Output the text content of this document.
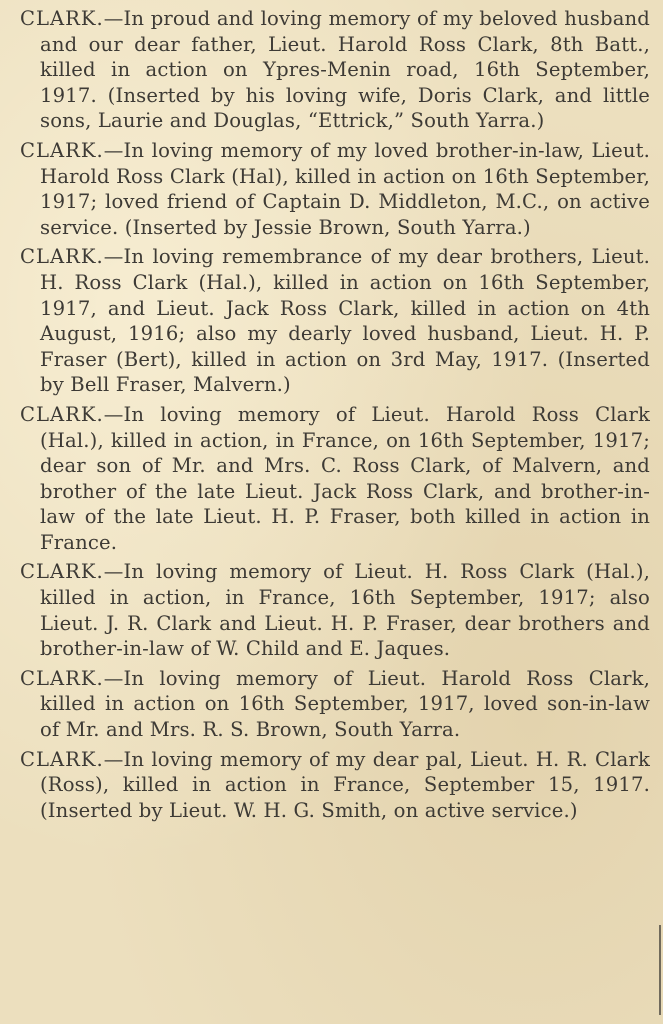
CLARK.—In proud and loving memory of my beloved husband and our dear father, Lieut. Harold Ross Clark, 8th Batt., killed in action on Ypres-Menin road, 16th September, 1917. (Inserted by his loving wife, Doris Clark, and little sons, Laurie and Douglas, “Ettrick,” South Yarra.)

CLARK.—In loving memory of my loved brother-in-law, Lieut. Harold Ross Clark (Hal), killed in action on 16th September, 1917; loved friend of Captain D. Middleton, M.C., on active service. (Inserted by Jessie Brown, South Yarra.)

CLARK.—In loving remembrance of my dear brothers, Lieut. H. Ross Clark (Hal.), killed in action on 16th September, 1917, and Lieut. Jack Ross Clark, killed in action on 4th August, 1916; also my dearly loved husband, Lieut. H. P. Fraser (Bert), killed in action on 3rd May, 1917. (Inserted by Bell Fraser, Malvern.)

CLARK.—In loving memory of Lieut. Harold Ross Clark (Hal.), killed in action, in France, on 16th September, 1917; dear son of Mr. and Mrs. C. Ross Clark, of Malvern, and brother of the late Lieut. Jack Ross Clark, and brother-in-law of the late Lieut. H. P. Fraser, both killed in action in France.

CLARK.—In loving memory of Lieut. H. Ross Clark (Hal.), killed in action, in France, 16th September, 1917; also Lieut. J. R. Clark and Lieut. H. P. Fraser, dear brothers and brother-in-law of W. Child and E. Jaques.

CLARK.—In loving memory of Lieut. Harold Ross Clark, killed in action on 16th September, 1917, loved son-in-law of Mr. and Mrs. R. S. Brown, South Yarra.

CLARK.—In loving memory of my dear pal, Lieut. H. R. Clark (Ross), killed in action in France, September 15, 1917. (Inserted by Lieut. W. H. G. Smith, on active service.)
